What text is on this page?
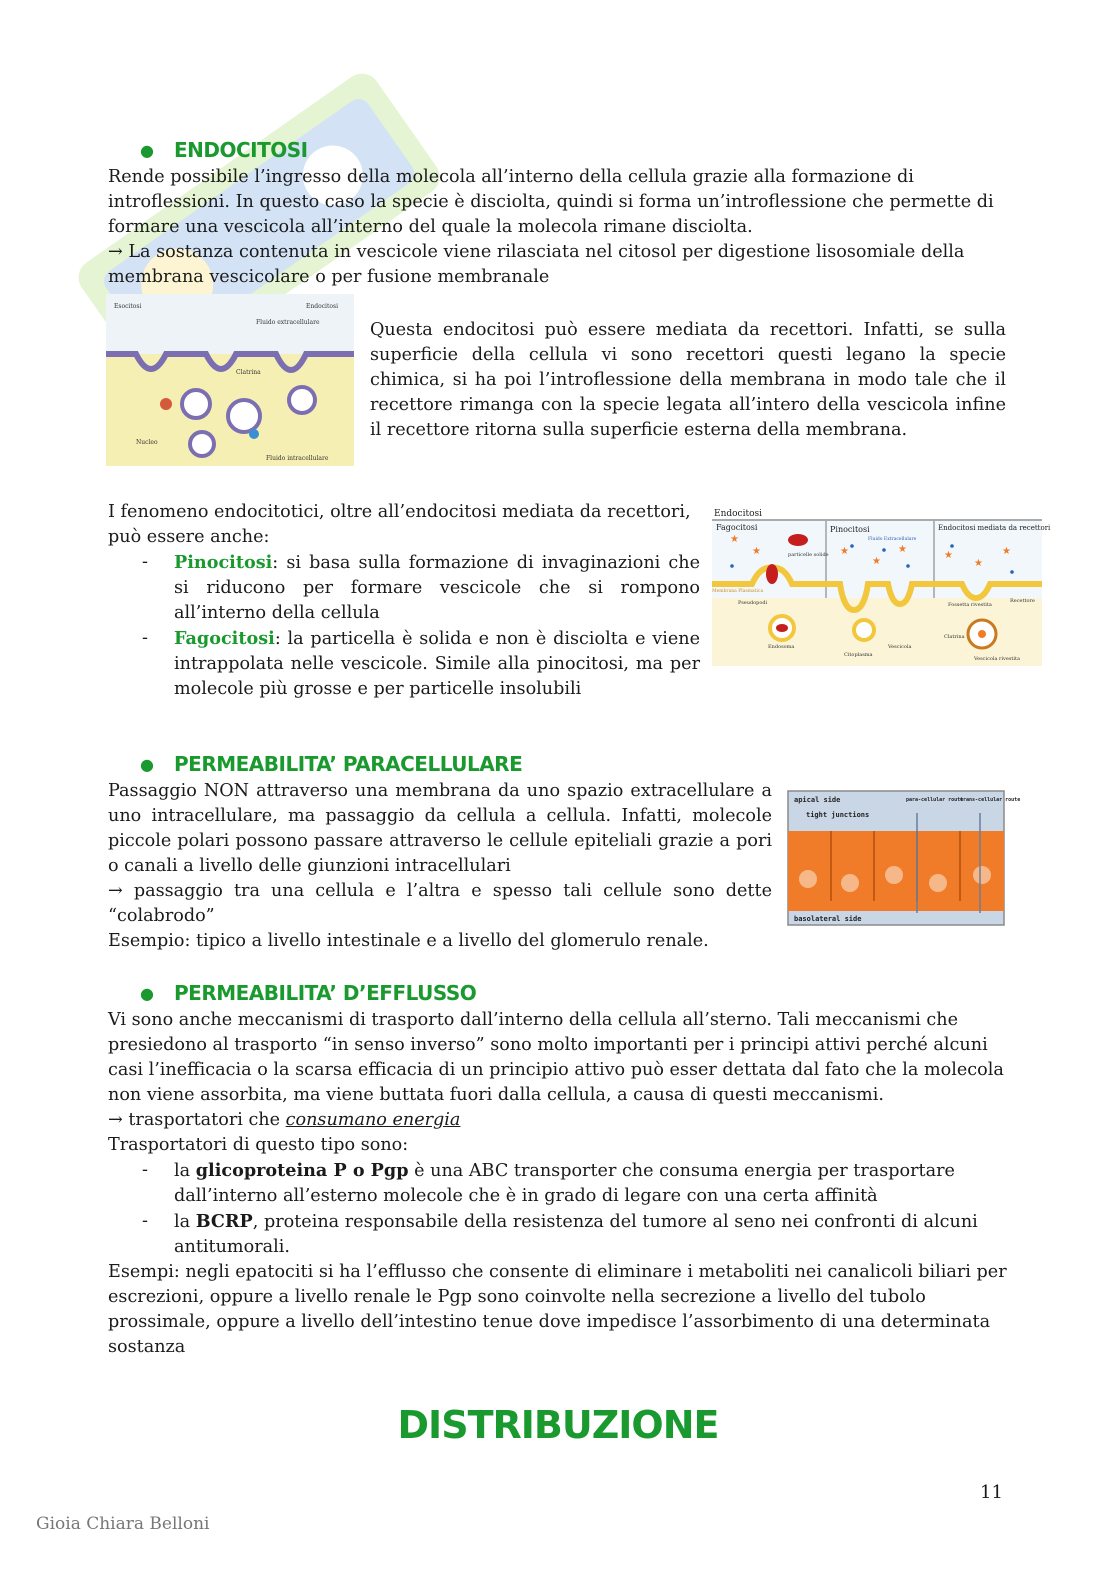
●	ENDOCITOSI

Rende possibile l’ingresso della molecola all’interno della cellula grazie alla formazione di introflessioni. In questo caso la specie è disciolta, quindi si forma un’introflessione che permette di formare una vescicola all’interno del quale la molecola rimane disciolta.

→ La sostanza contenuta in vescicole viene rilasciata nel citosol per digestione lisosomiale della membrana vescicolare o per fusione membranale

Esocitosi	Endocitosi
Clatrina
Nucleo
Fluido extracellulare
Fluido intracellulare

Questa endocitosi può essere mediata da recettori. Infatti, se sulla superficie della cellula vi sono recettori questi legano la specie chimica, si ha poi l’introflessione della membrana in modo tale che il recettore rimanga con la specie legata all’intero della vescicola infine il recettore ritorna sulla superficie esterna della membrana.

I fenomeno endocitotici, oltre all’endocitosi mediata da recettori, può essere anche:

- Pinocitosi: si basa sulla formazione di invaginazioni che si riducono per formare vescicole che si rompono all’interno della cellula
- Fagocitosi: la particella è solida e non è disciolta e viene intrappolata nelle vescicole. Simile alla pinocitosi, ma per molecole più grosse e per particelle insolubili
Endocitosi
Fagocitosi	Pinocitosi	Endocitosi mediata da recettori
★
★
★
★
★
★
★
★	particelle solide
Pseudopodi
Endosoma
Citoplasma
Vescicola
Fluido Extracellulare
Membrana Plasmatica
Fossetta rivestita
Recettore
Clatrina
Vescicola rivestita
●	PERMEABILITA’ PARACELLULARE

Passaggio NON attraverso una membrana da uno spazio extracellulare a uno intracellulare, ma passaggio da cellula a cellula. Infatti, molecole piccole polari possono passare attraverso le cellule epiteliali grazie a pori o canali a livello delle giunzioni intracellulari

→ passaggio tra una cellula e l’altra e spesso tali cellule sono dette “colabrodo”

Esempio: tipico a livello intestinale e a livello del glomerulo renale.

apical side
tight junctions
para-cellular route
trans-cellular route
basolateral side
●	PERMEABILITA’ D’EFFLUSSO

Vi sono anche meccanismi di trasporto dall’interno della cellula all’sterno. Tali meccanismi che presiedono al trasporto “in senso inverso” sono molto importanti per i principi attivi perché alcuni casi l’inefficacia o la scarsa efficacia di un principio attivo può esser dettata dal fato che la molecola non viene assorbita, ma viene buttata fuori dalla cellula, a causa di questi meccanismi.

→ trasportatori che consumano energia

Trasportatori di questo tipo sono:

- la glicoproteina P o Pgp è una ABC transporter che consuma energia per trasportare dall’interno all’esterno molecole che è in grado di legare con una certa affinità
- la BCRP, proteina responsabile della resistenza del tumore al seno nei confronti di alcuni antitumorali.

Esempi: negli epatociti si ha l’efflusso che consente di eliminare i metaboliti nei canalicoli biliari per escrezioni, oppure a livello renale le Pgp sono coinvolte nella secrezione a livello del tubolo prossimale, oppure a livello dell’intestino tenue dove impedisce l’assorbimento di una determinata sostanza

DISTRIBUZIONE
11
Gioia Chiara Belloni
